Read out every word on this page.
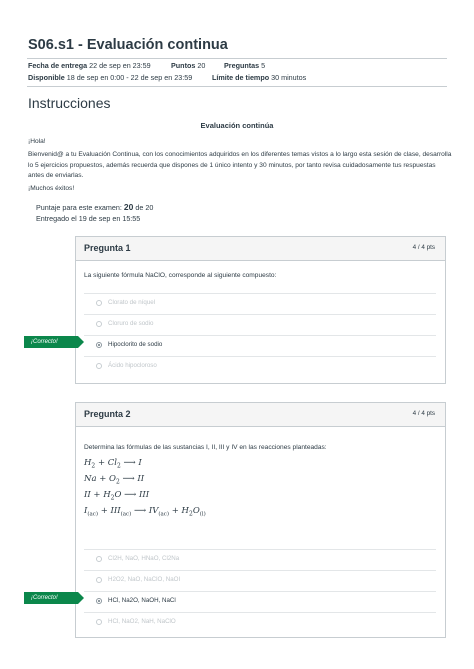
S06.s1 - Evaluación continua
Fecha de entrega 22 de sep en 23:59	Puntos 20	Preguntas 5
Disponible 18 de sep en 0:00 - 22 de sep en 23:59	Límite de tiempo 30 minutos
Instrucciones
Evaluación continúa
¡Hola!
Bienvenid@ a tu Evaluación Continua, con los conocimientos adquiridos en los diferentes temas vistos a lo largo esta sesión de clase, desarrolla lo 5 ejercicios propuestos, además recuerda que dispones de 1 único intento y 30 minutos, por tanto revisa cuidadosamente tus respuestas antes de enviarlas.
¡Muchos éxitos!
Puntaje para este examen: 20 de 20
Entregado el 19 de sep en 15:55
Pregunta 1	4 / 4 pts
La siguiente fórmula NaClO, corresponde al siguiente compuesto:
Clorato de níquel
Cloruro de sodio
Hipoclorito de sodio
Ácido hipocloroso
¡Correcto!
Pregunta 2	4 / 4 pts
Determina las fórmulas de las sustancias I, II, III y IV en las reacciones planteadas:
$H_2 + Cl_2$ ⟶ I
$Na + O_2$ ⟶ II
II + $H_2O$ ⟶ III
$I_{(ac)} + III_{(ac)}$ ⟶ $IV_{(ac)} + H_2O_{(l)}$
Cl2H, NaO, HNaO, Cl2Na
H2O2, NaO, NaClO, NaOI
HCl, Na2O, NaOH, NaCl
HCl, NaO2, NaH, NaClO
¡Correcto!
